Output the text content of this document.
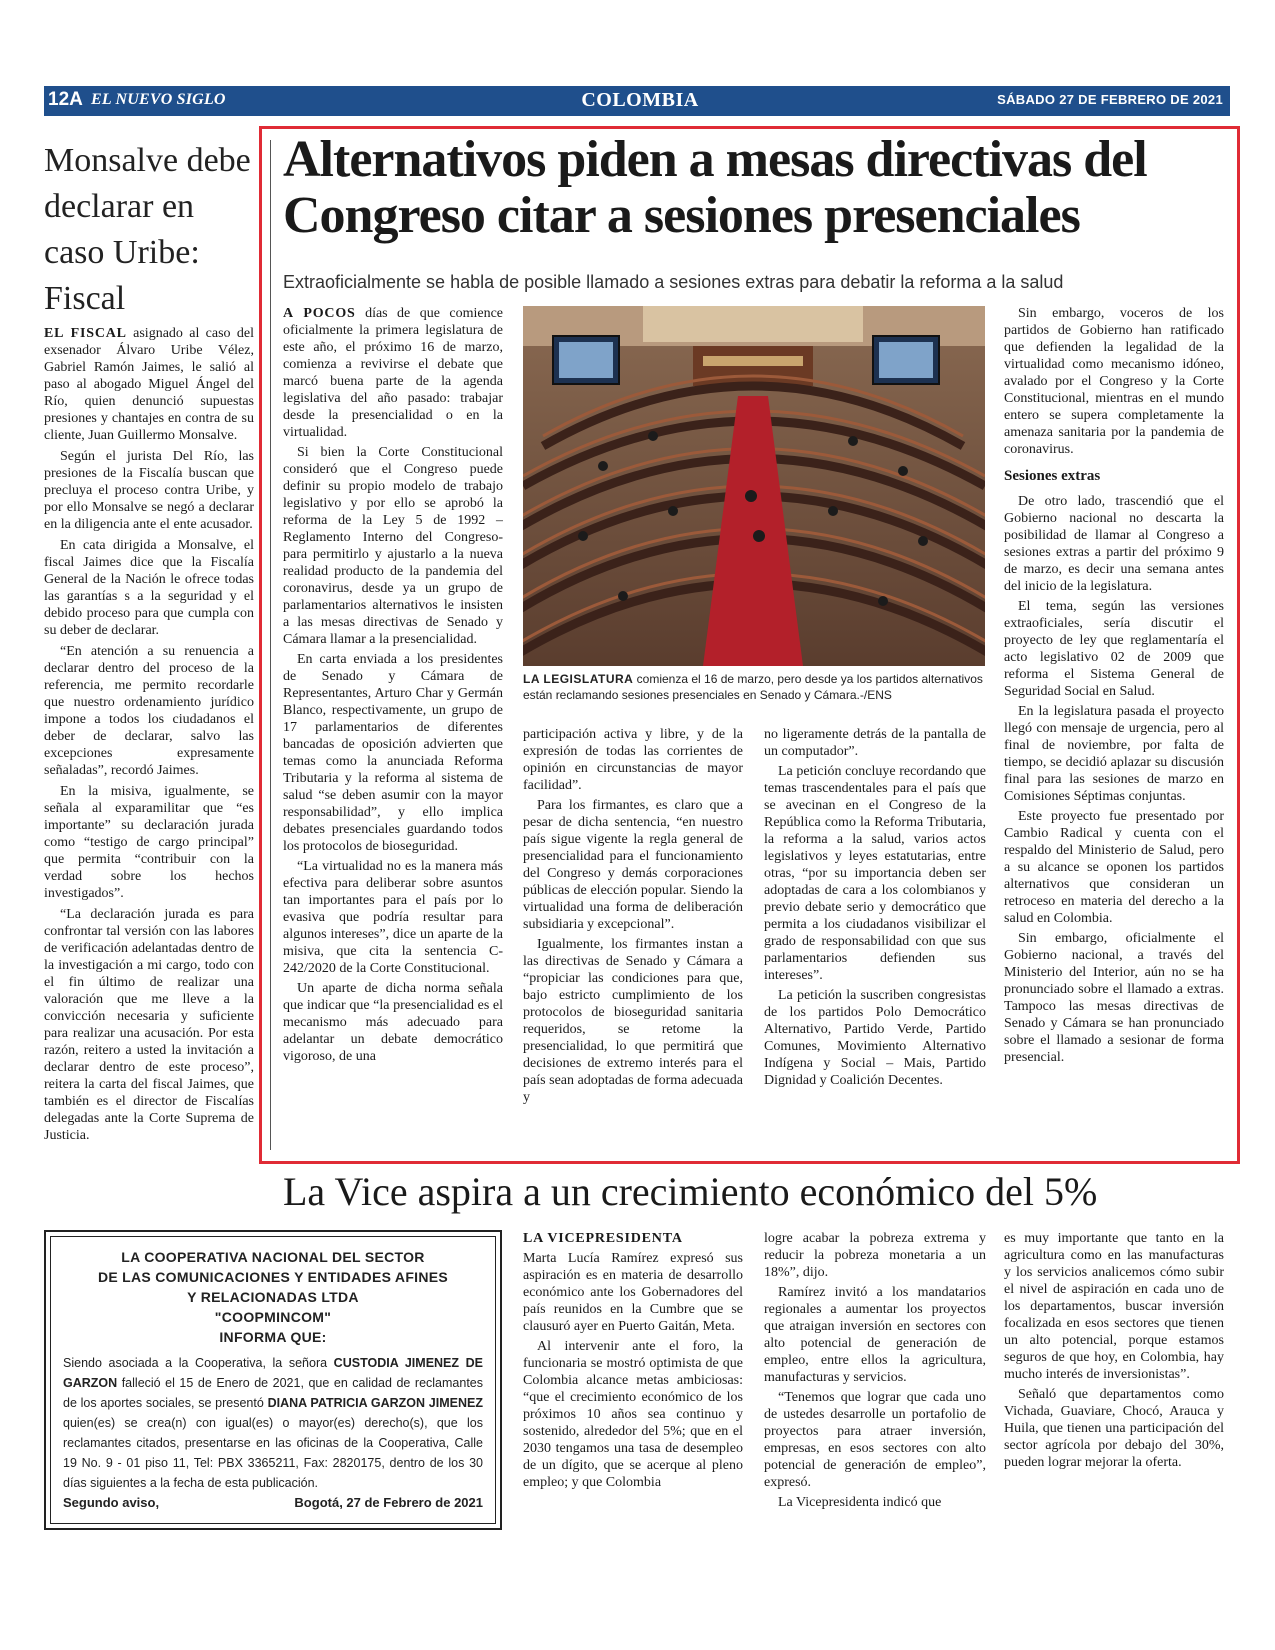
12A EL NUEVO SIGLO	COLOMBIA	SÁBADO 27 DE FEBRERO DE 2021
Monsalve debe declarar en caso Uribe: Fiscal

EL FISCAL asignado al caso del exsenador Álvaro Uribe Vélez, Gabriel Ramón Jaimes, le salió al paso al abogado Miguel Ángel del Río, quien denunció supuestas presiones y chantajes en contra de su cliente, Juan Guillermo Monsalve.

Según el jurista Del Río, las presiones de la Fiscalía buscan que precluya el proceso contra Uribe, y por ello Monsalve se negó a declarar en la diligencia ante el ente acusador.

En cata dirigida a Monsalve, el fiscal Jaimes dice que la Fiscalía General de la Nación le ofrece todas las garantías s a la seguridad y el debido proceso para que cumpla con su deber de declarar.

“En atención a su renuencia a declarar dentro del proceso de la referencia, me permito recordarle que nuestro ordenamiento jurídico impone a todos los ciudadanos el deber de declarar, salvo las excepciones expresamente señaladas”, recordó Jaimes.

En la misiva, igualmente, se señala al exparamilitar que “es importante” su declaración jurada como “testigo de cargo principal” que permita “contribuir con la verdad sobre los hechos investigados”.

“La declaración jurada es para confrontar tal versión con las labores de verificación adelantadas dentro de la investigación a mi cargo, todo con el fin último de realizar una valoración que me lleve a la convicción necesaria y suficiente para realizar una acusación. Por esta razón, reitero a usted la invitación a declarar dentro de este proceso”, reitera la carta del fiscal Jaimes, que también es el director de Fiscalías delegadas ante la Corte Suprema de Justicia.

Alternativos piden a mesas directivas del Congreso citar a sesiones presenciales
Extraoficialmente se habla de posible llamado a sesiones extras para debatir la reforma a la salud

A POCOS días de que comience oficialmente la primera legislatura de este año, el próximo 16 de marzo, comienza a revivirse el debate que marcó buena parte de la agenda legislativa del año pasado: trabajar desde la presencialidad o en la virtualidad.

Si bien la Corte Constitucional consideró que el Congreso puede definir su propio modelo de trabajo legislativo y por ello se aprobó la reforma de la Ley 5 de 1992 –Reglamento Interno del Congreso- para permitirlo y ajustarlo a la nueva realidad producto de la pandemia del coronavirus, desde ya un grupo de parlamentarios alternativos le insisten a las mesas directivas de Senado y Cámara llamar a la presencialidad.

En carta enviada a los presidentes de Senado y Cámara de Representantes, Arturo Char y Germán Blanco, respectivamente, un grupo de 17 parlamentarios de diferentes bancadas de oposición advierten que temas como la anunciada Reforma Tributaria y la reforma al sistema de salud “se deben asumir con la mayor responsabilidad”, y ello implica debates presenciales guardando todos los protocolos de bioseguridad.

“La virtualidad no es la manera más efectiva para deliberar sobre asuntos tan importantes para el país por lo evasiva que podría resultar para algunos intereses”, dice un aparte de la misiva, que cita la sentencia C-242/2020 de la Corte Constitucional.

Un aparte de dicha norma señala que indicar que “la presencialidad es el mecanismo más adecuado para adelantar un debate democrático vigoroso, de una

LA LEGISLATURA comienza el 16 de marzo, pero desde ya los partidos alternativos están reclamando sesiones presenciales en Senado y Cámara.-/ENS

participación activa y libre, y de la expresión de todas las corrientes de opinión en circunstancias de mayor facilidad”.

Para los firmantes, es claro que a pesar de dicha sentencia, “en nuestro país sigue vigente la regla general de presencialidad para el funcionamiento del Congreso y demás corporaciones públicas de elección popular. Siendo la virtualidad una forma de deliberación subsidiaria y excepcional”.

Igualmente, los firmantes instan a las directivas de Senado y Cámara a “propiciar las condiciones para que, bajo estricto cumplimiento de los protocolos de bioseguridad sanitaria requeridos, se retome la presencialidad, lo que permitirá que decisiones de extremo interés para el país sean adoptadas de forma adecuada y

no ligeramente detrás de la pantalla de un computador”.

La petición concluye recordando que temas trascendentales para el país que se avecinan en el Congreso de la República como la Reforma Tributaria, la reforma a la salud, varios actos legislativos y leyes estatutarias, entre otras, “por su importancia deben ser adoptadas de cara a los colombianos y previo debate serio y democrático que permita a los ciudadanos visibilizar el grado de responsabilidad con que sus parlamentarios defienden sus intereses”.

La petición la suscriben congresistas de los partidos Polo Democrático Alternativo, Partido Verde, Partido Comunes, Movimiento Alternativo Indígena y Social – Mais, Partido Dignidad y Coalición Decentes.

Sin embargo, voceros de los partidos de Gobierno han ratificado que defienden la legalidad de la virtualidad como mecanismo idóneo, avalado por el Congreso y la Corte Constitucional, mientras en el mundo entero se supera completamente la amenaza sanitaria por la pandemia de coronavirus.

Sesiones extras

De otro lado, trascendió que el Gobierno nacional no descarta la posibilidad de llamar al Congreso a sesiones extras a partir del próximo 9 de marzo, es decir una semana antes del inicio de la legislatura.

El tema, según las versiones extraoficiales, sería discutir el proyecto de ley que reglamentaría el acto legislativo 02 de 2009 que reforma el Sistema General de Seguridad Social en Salud.

En la legislatura pasada el proyecto llegó con mensaje de urgencia, pero al final de noviembre, por falta de tiempo, se decidió aplazar su discusión final para las sesiones de marzo en Comisiones Séptimas conjuntas.

Este proyecto fue presentado por Cambio Radical y cuenta con el respaldo del Ministerio de Salud, pero a su alcance se oponen los partidos alternativos que consideran un retroceso en materia del derecho a la salud en Colombia.

Sin embargo, oficialmente el Gobierno nacional, a través del Ministerio del Interior, aún no se ha pronunciado sobre el llamado a extras. Tampoco las mesas directivas de Senado y Cámara se han pronunciado sobre el llamado a sesionar de forma presencial.

La Vice aspira a un crecimiento económico del 5%

LA VICEPRESIDENTA

Marta Lucía Ramírez expresó sus aspiración es en materia de desarrollo económico ante los Gobernadores del país reunidos en la Cumbre que se clausuró ayer en Puerto Gaitán, Meta.

Al intervenir ante el foro, la funcionaria se mostró optimista de que Colombia alcance metas ambiciosas: “que el crecimiento económico de los próximos 10 años sea continuo y sostenido, alrededor del 5%; que en el 2030 tengamos una tasa de desempleo de un dígito, que se acerque al pleno empleo; y que Colombia

logre acabar la pobreza extrema y reducir la pobreza monetaria a un 18%”, dijo.

Ramírez invitó a los mandatarios regionales a aumentar los proyectos que atraigan inversión en sectores con alto potencial de generación de empleo, entre ellos la agricultura, manufacturas y servicios.

“Tenemos que lograr que cada uno de ustedes desarrolle un portafolio de proyectos para atraer inversión, empresas, en esos sectores con alto potencial de generación de empleo”, expresó.

La Vicepresidenta indicó que

es muy importante que tanto en la agricultura como en las manufacturas y los servicios analicemos cómo subir el nivel de aspiración en cada uno de los departamentos, buscar inversión focalizada en esos sectores que tienen un alto potencial, porque estamos seguros de que hoy, en Colombia, hay mucho interés de inversionistas”.

Señaló que departamentos como Vichada, Guaviare, Chocó, Arauca y Huila, que tienen una participación del sector agrícola por debajo del 30%, pueden lograr mejorar la oferta.

LA COOPERATIVA NACIONAL DEL SECTOR
DE LAS COMUNICACIONES Y ENTIDADES AFINES
Y RELACIONADAS LTDA
"COOPMINCOM"
INFORMA QUE:
Siendo asociada a la Cooperativa, la señora CUSTODIA JIMENEZ DE GARZON falleció el 15 de Enero de 2021, que en calidad de reclamantes de los aportes sociales, se presentó DIANA PATRICIA GARZON JIMENEZ quien(es) se crea(n) con igual(es) o mayor(es) derecho(s), que los reclamantes citados, presentarse en las oficinas de la Cooperativa, Calle 19 No. 9 - 01 piso 11, Tel: PBX 3365211, Fax: 2820175, dentro de los 30 días siguientes a la fecha de esta publicación.
Segundo aviso,	Bogotá, 27 de Febrero de 2021
